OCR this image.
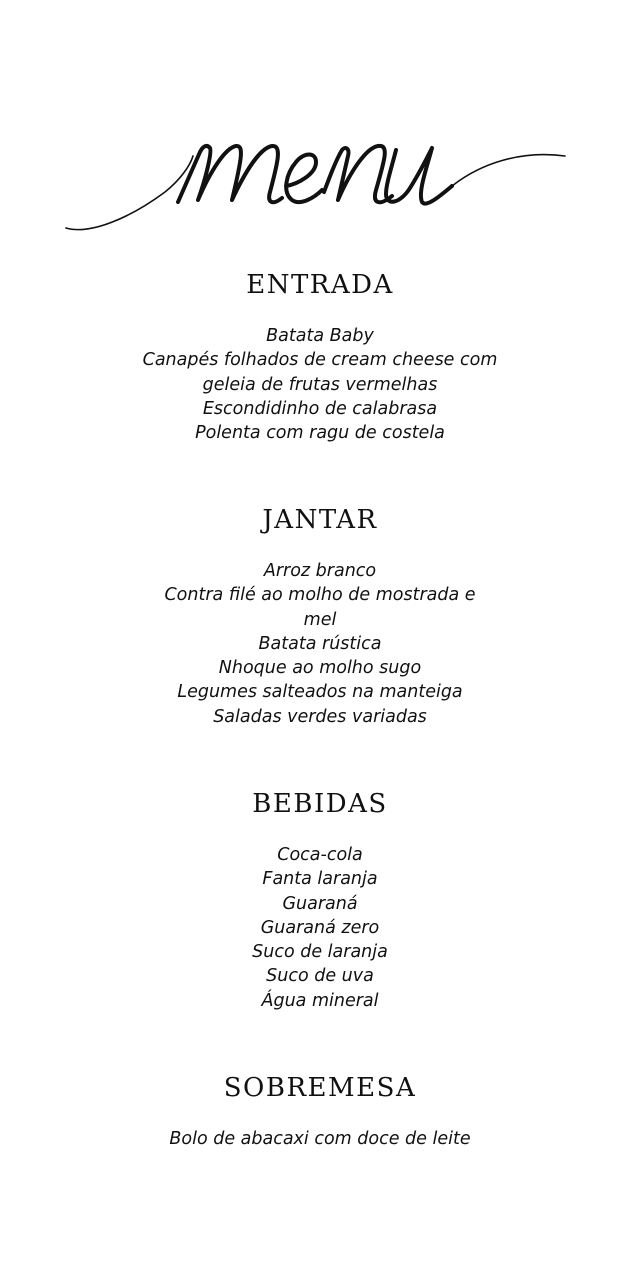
ENTRADA
Batata Baby
Canapés folhados de cream cheese com
geleia de frutas vermelhas
Escondidinho de calabrasa
Polenta com ragu de costela
JANTAR
Arroz branco
Contra filé ao molho de mostrada e
mel
Batata rústica
Nhoque ao molho sugo
Legumes salteados na manteiga
Saladas verdes variadas
BEBIDAS
Coca-cola
Fanta laranja
Guaraná
Guaraná zero
Suco de laranja
Suco de uva
Água mineral
SOBREMESA
Bolo de abacaxi com doce de leite
